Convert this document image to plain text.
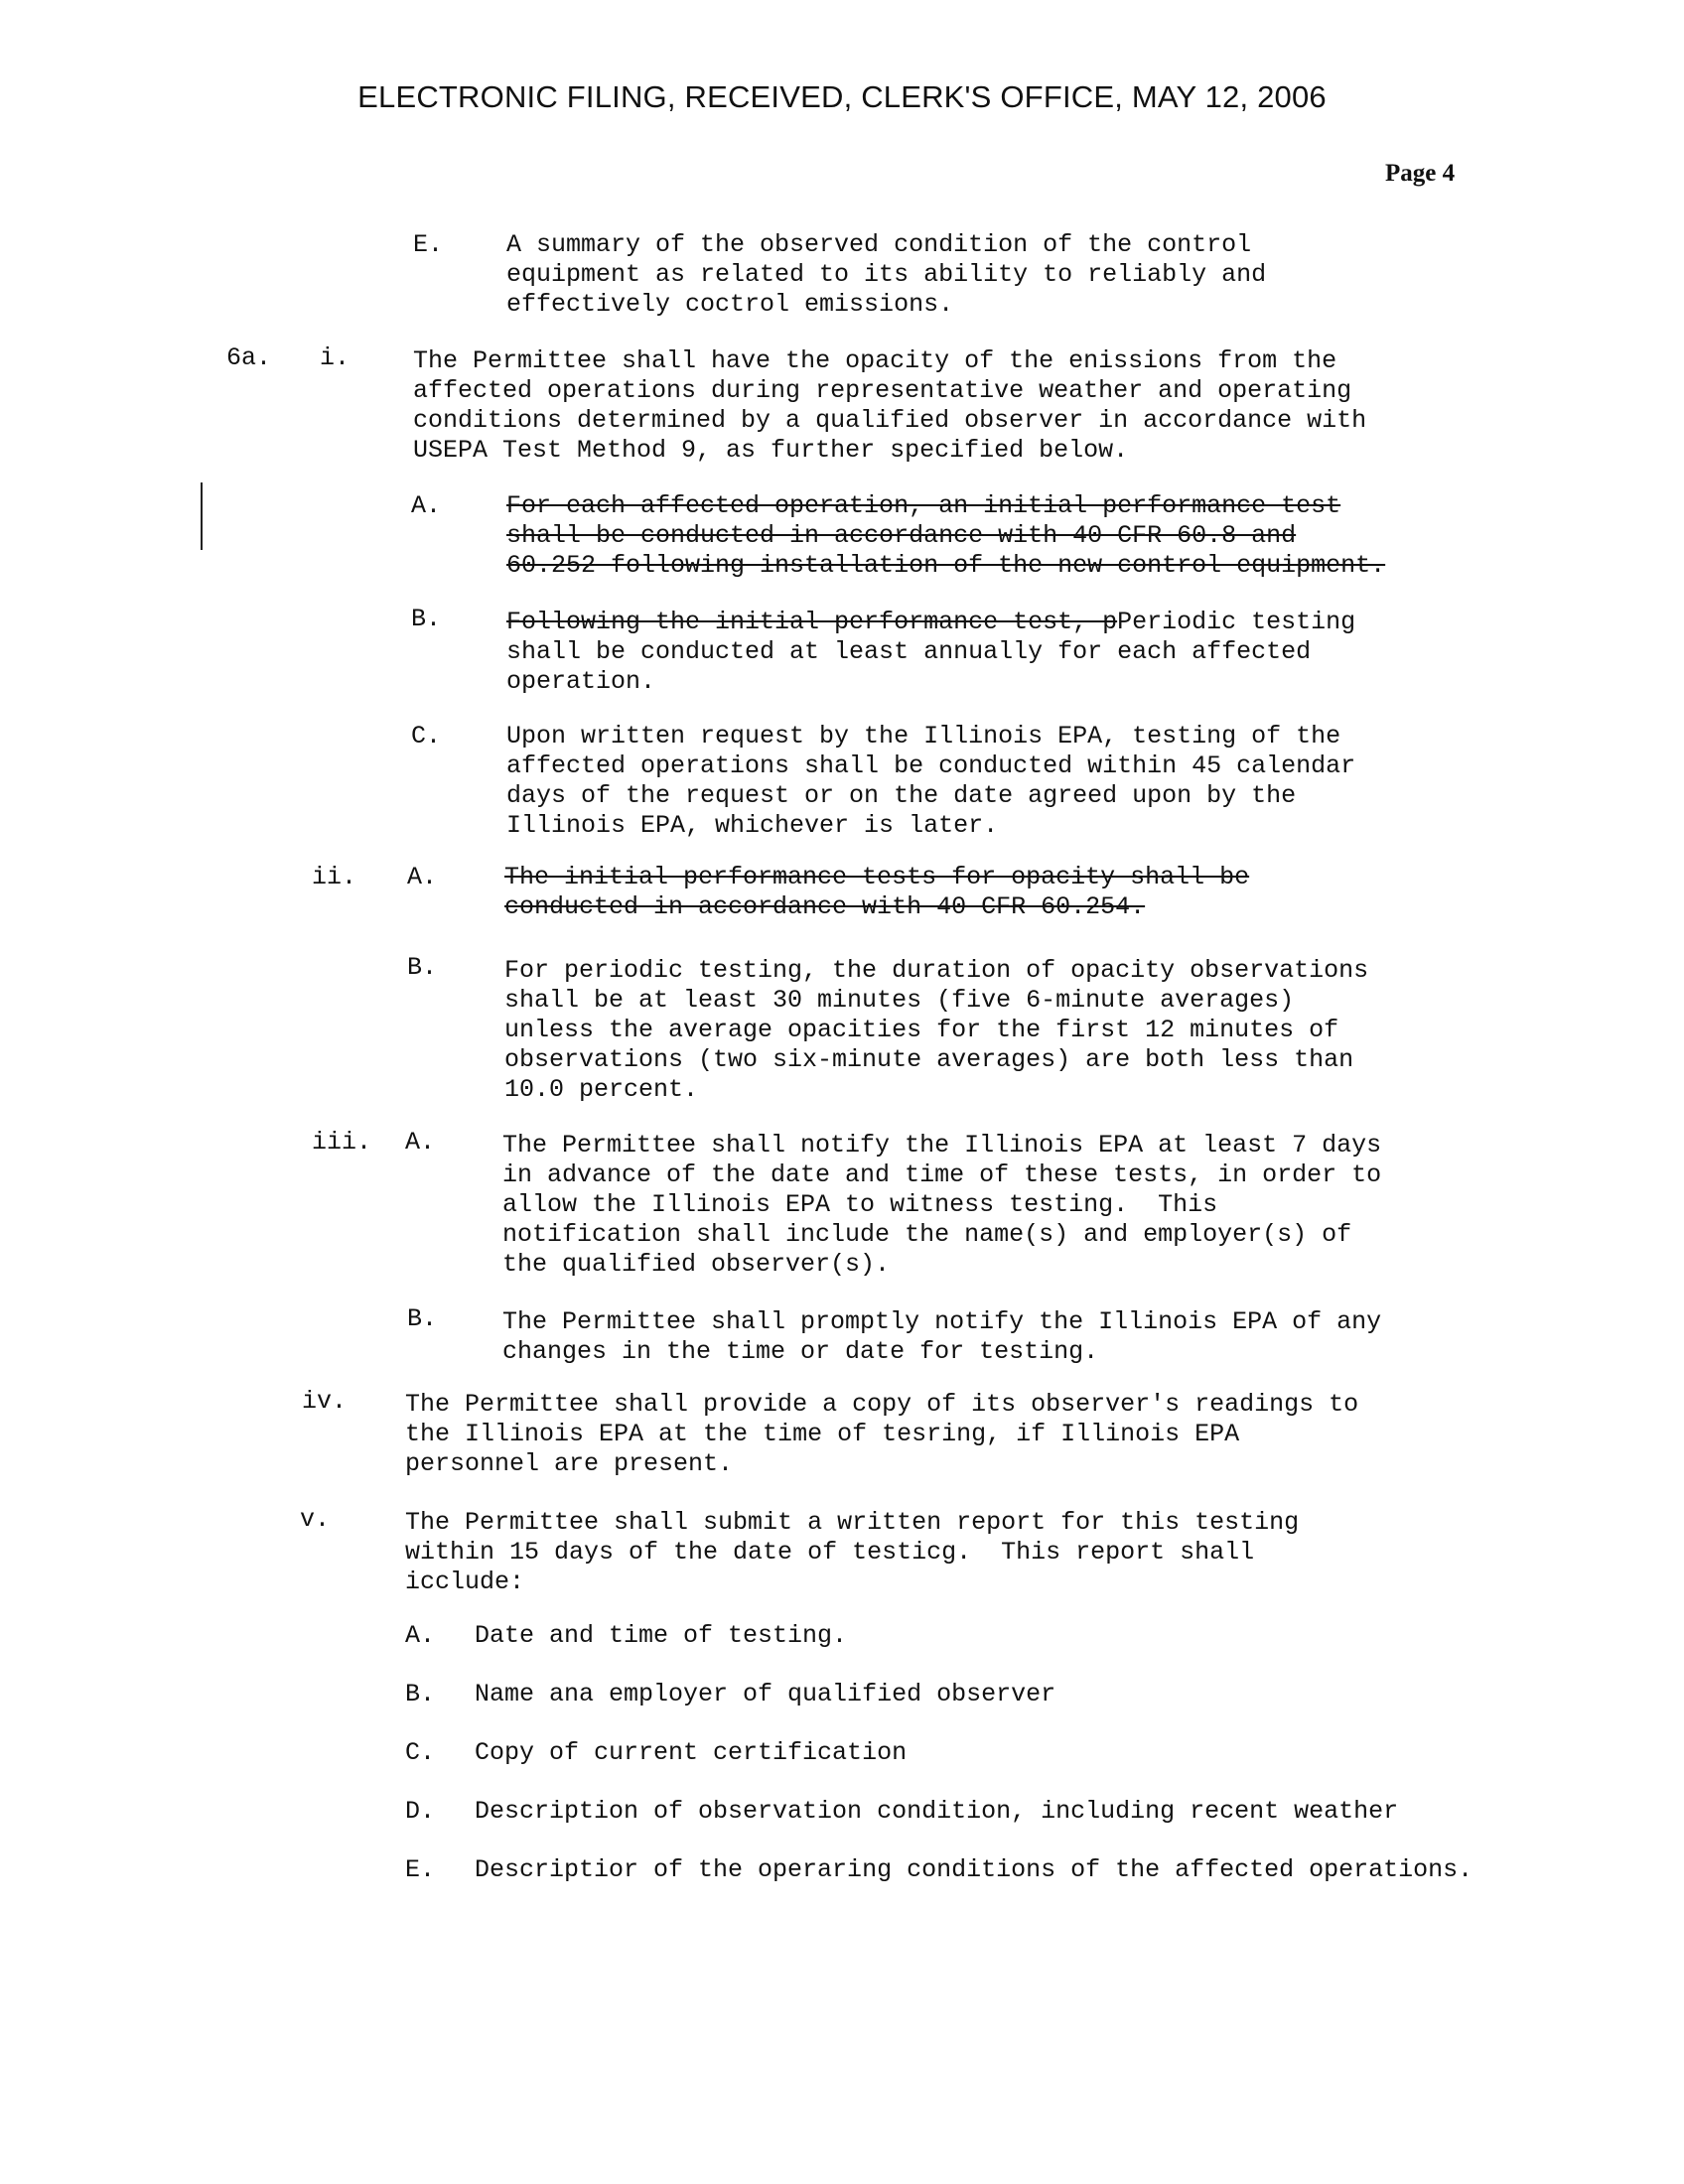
ELECTRONIC FILING, RECEIVED, CLERK'S OFFICE, MAY 12, 2006
Page 4
E.	A summary of the observed condition of the control
equipment as related to its ability to reliably and
effectively coctrol emissions.
6a. i.	The Permittee shall have the opacity of the enissions from the
affected operations during representative weather and operating
conditions determined by a qualified observer in accordance with
USEPA Test Method 9, as further specified below.
A.	For each affected operation, an initial performance test
shall be conducted in accordance with 40 CFR 60.8 and
60.252 following installation of the new control equipment.
B.	Following the initial performance test, pPeriodic testing
shall be conducted at least annually for each affected
operation.
C.	Upon written request by the Illinois EPA, testing of the
affected operations shall be conducted within 45 calendar
days of the request or on the date agreed upon by the
Illinois EPA, whichever is later.
ii. A.	The initial performance tests for opacity shall be
conducted in accordance with 40 CFR 60.254.
B.	For periodic testing, the duration of opacity observations
shall be at least 30 minutes (five 6-minute averages)
unless the average opacities for the first 12 minutes of
observations (two six-minute averages) are both less than
10.0 percent.
iii. A.	The Permittee shall notify the Illinois EPA at least 7 days
in advance of the date and time of these tests, in order to
allow the Illinois EPA to witness testing.  This
notification shall include the name(s) and employer(s) of
the qualified observer(s).
B.	The Permittee shall promptly notify the Illinois EPA of any
changes in the time or date for testing.
iv. The Permittee shall provide a copy of its observer's readings to
the Illinois EPA at the time of tesring, if Illinois EPA
personnel are present.
v.	The Permittee shall submit a written report for this testing
within 15 days of the date of testicg.  This report shall
icclude:
A. Date and time of testing.
B. Name ana employer of qualified observer
C. Copy of current certification
D. Description of observation condition, including recent weather
E. Descriptior of the operaring conditions of the affected operations.
